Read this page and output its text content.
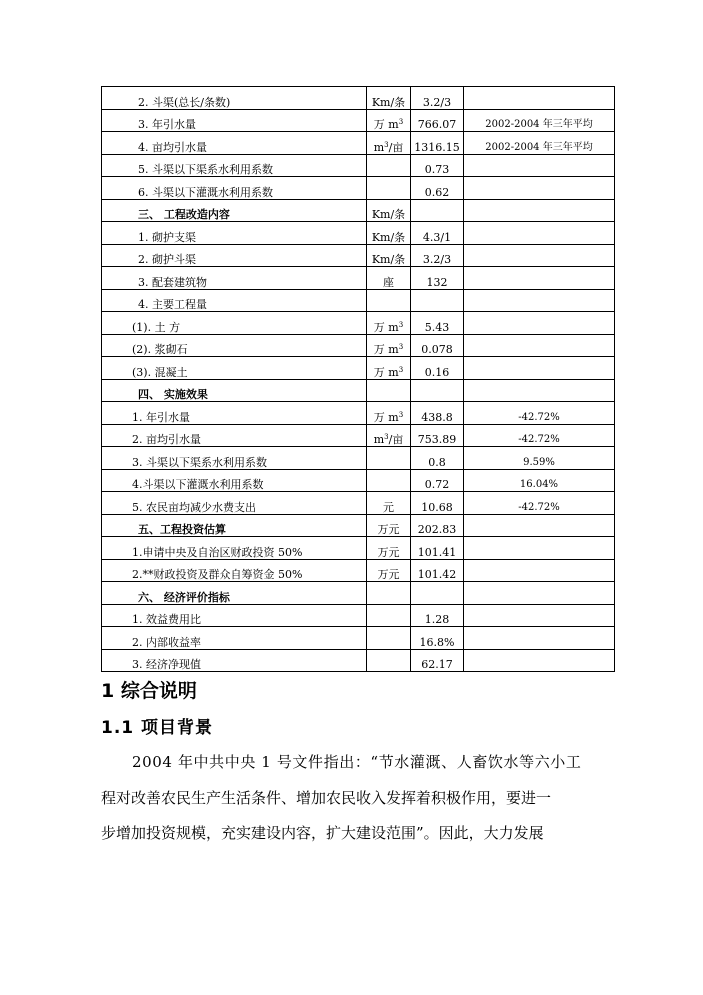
2. 斗渠(总长/条数)	Km/条	3.2/3	
3. 年引水量	万 $m^3$	766.07	2002-2004 年三年平均
4. 亩均引水量	$m^3/$亩	1316.15	2002-2004 年三年平均
5. 斗渠以下渠系水利用系数		0.73	
6. 斗渠以下灌溉水利用系数		0.62	
三、 工程改造内容	Km/条		
1. 砌护支渠	Km/条	4.3/1	
2. 砌护斗渠	Km/条	3.2/3	
3. 配套建筑物	座	132	
4. 主要工程量			
(1). 土 方	万 $m^3$	5.43	
(2). 浆砌石	万 $m^3$	0.078	
(3). 混凝土	万 $m^3$	0.16	
四、 实施效果			
1. 年引水量	万 $m^3$	438.8	-42.72%
2. 亩均引水量	$m^3/$亩	753.89	-42.72%
3. 斗渠以下渠系水利用系数		0.8	9.59%
4.斗渠以下灌溉水利用系数		0.72	16.04%
5. 农民亩均减少水费支出	元	10.68	-42.72%
五、工程投资估算	万元	202.83	
1.申请中央及自治区财政投资 50%	万元	101.41	
2.**财政投资及群众自筹资金 50%	万元	101.42	
六、 经济评价指标			
1. 效益费用比		1.28	
2. 内部收益率		16.8%	
3. 经济净现值		62.17	
1 综合说明
1.1 项目背景
2004 年中共中央 1 号文件指出：“节水灌溉、人畜饮水等六小工
程对改善农民生产生活条件、增加农民收入发挥着积极作用，要进一
步增加投资规模，充实建设内容，扩大建设范围”。因此，大力发展
